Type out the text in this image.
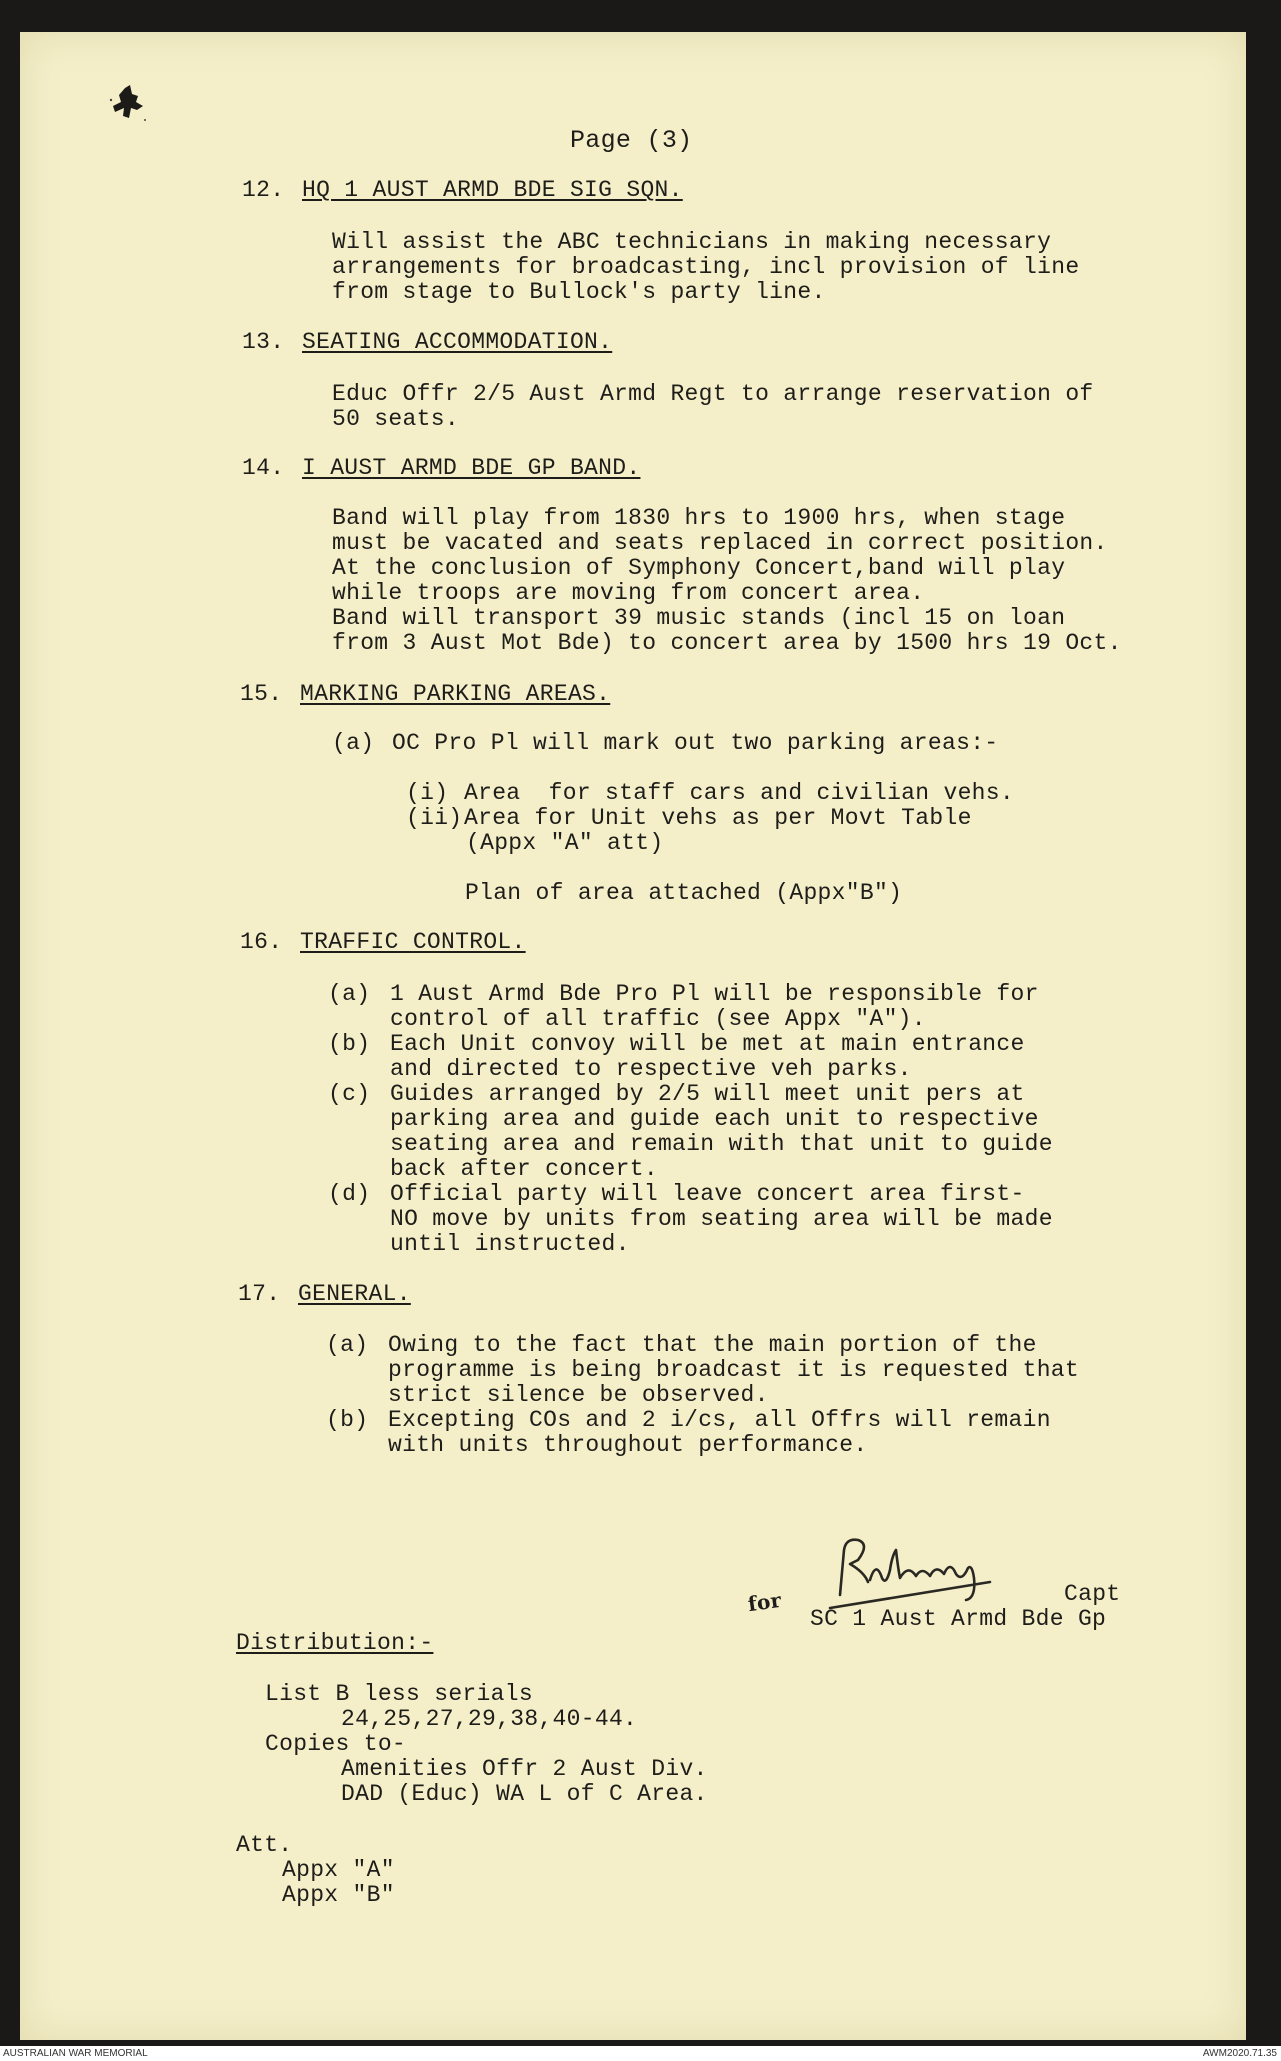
Page (3)
12. HQ 1 AUST ARMD BDE SIG SQN.
Will assist the ABC technicians in making necessary
arrangements for broadcasting, incl provision of line
from stage to Bullock's party line.
13. SEATING ACCOMMODATION.
Educ Offr 2/5 Aust Armd Regt to arrange reservation of
50 seats.
14. I AUST ARMD BDE GP BAND.
Band will play from 1830 hrs to 1900 hrs, when stage
must be vacated and seats replaced in correct position.
At the conclusion of Symphony Concert,band will play
while troops are moving from concert area.
Band will transport 39 music stands (incl 15 on loan
from 3 Aust Mot Bde) to concert area by 1500 hrs 19 Oct.
15. MARKING PARKING AREAS.
(a) OC Pro Pl will mark out two parking areas:-
(i) Area  for staff cars and civilian vehs.
(ii) Area for Unit vehs as per Movt Table
(Appx "A" att)
Plan of area attached (Appx"B")
16. TRAFFIC CONTROL.
(a) 1 Aust Armd Bde Pro Pl will be responsible for
control of all traffic (see Appx "A").
(b) Each Unit convoy will be met at main entrance
and directed to respective veh parks.
(c) Guides arranged by 2/5 will meet unit pers at
parking area and guide each unit to respective
seating area and remain with that unit to guide
back after concert.
(d) Official party will leave concert area first-
NO move by units from seating area will be made
until instructed.
17. GENERAL.
(a) Owing to the fact that the main portion of the
programme is being broadcast it is requested that
strict silence be observed.
(b) Excepting COs and 2 i/cs, all Offrs will remain
with units throughout performance.
for	Capt
SC 1 Aust Armd Bde Gp
Distribution:-
List B less serials
24,25,27,29,38,40-44.
Copies to-
Amenities Offr 2 Aust Div.
DAD (Educ) WA L of C Area.
Att.
Appx "A"
Appx "B"
AUSTRALIAN WAR MEMORIAL	AWM2020.71.35
